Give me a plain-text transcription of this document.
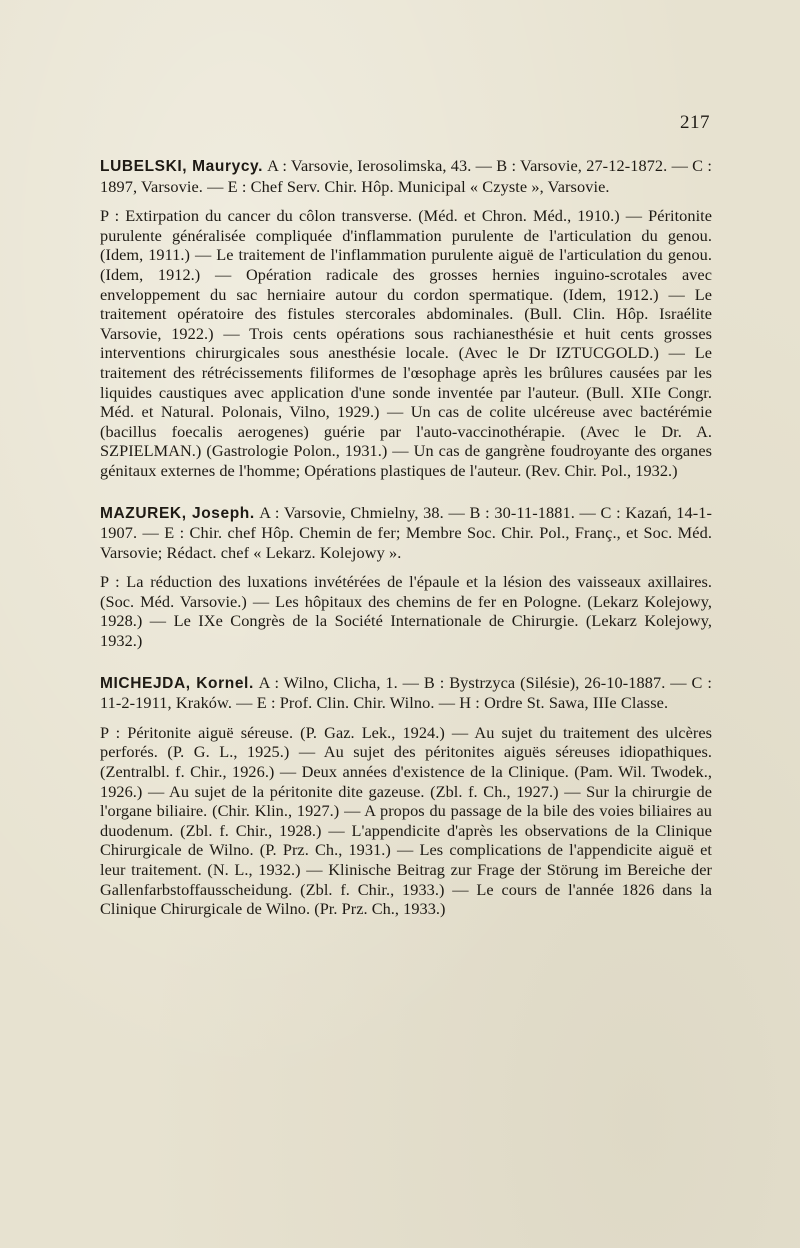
217

LUBELSKI, Maurycy. A : Varsovie, Ierosolimska, 43. — B : Varsovie, 27-12-1872. — C : 1897, Varsovie. — E : Chef Serv. Chir. Hôp. Municipal « Czyste », Varsovie.

P : Extirpation du cancer du côlon transverse. (Méd. et Chron. Méd., 1910.) — Péritonite purulente généralisée compliquée d'inflammation purulente de l'articulation du genou. (Idem, 1911.) — Le traitement de l'inflammation purulente aiguë de l'articulation du genou. (Idem, 1912.) — Opération radicale des grosses hernies inguino-scrotales avec enveloppement du sac herniaire autour du cordon spermatique. (Idem, 1912.) — Le traitement opératoire des fistules stercorales abdominales. (Bull. Clin. Hôp. Israélite Varsovie, 1922.) — Trois cents opérations sous rachianesthésie et huit cents grosses interventions chirurgicales sous anesthésie locale. (Avec le Dr IZTUCGOLD.) — Le traitement des rétrécissements filiformes de l'œsophage après les brûlures causées par les liquides caustiques avec application d'une sonde inventée par l'auteur. (Bull. XIIe Congr. Méd. et Natural. Polonais, Vilno, 1929.) — Un cas de colite ulcéreuse avec bactérémie (bacillus foecalis aerogenes) guérie par l'auto-vaccinothérapie. (Avec le Dr. A. SZPIELMAN.) (Gastrologie Polon., 1931.) — Un cas de gangrène foudroyante des organes génitaux externes de l'homme; Opérations plastiques de l'auteur. (Rev. Chir. Pol., 1932.)

MAZUREK, Joseph. A : Varsovie, Chmielny, 38. — B : 30-11-1881. — C : Kazań, 14-1-1907. — E : Chir. chef Hôp. Chemin de fer; Membre Soc. Chir. Pol., Franç., et Soc. Méd. Varsovie; Rédact. chef « Lekarz. Kolejowy ».

P : La réduction des luxations invétérées de l'épaule et la lésion des vaisseaux axillaires. (Soc. Méd. Varsovie.) — Les hôpitaux des chemins de fer en Pologne. (Lekarz Kolejowy, 1928.) — Le IXe Congrès de la Société Internationale de Chirurgie. (Lekarz Kolejowy, 1932.)

MICHEJDA, Kornel. A : Wilno, Clicha, 1. — B : Bystrzyca (Silésie), 26-10-1887. — C : 11-2-1911, Kraków. — E : Prof. Clin. Chir. Wilno. — H : Ordre St. Sawa, IIIe Classe.

P : Péritonite aiguë séreuse. (P. Gaz. Lek., 1924.) — Au sujet du traitement des ulcères perforés. (P. G. L., 1925.) — Au sujet des péritonites aiguës séreuses idiopathiques. (Zentralbl. f. Chir., 1926.) — Deux années d'existence de la Clinique. (Pam. Wil. Twodek., 1926.) — Au sujet de la péritonite dite gazeuse. (Zbl. f. Ch., 1927.) — Sur la chirurgie de l'organe biliaire. (Chir. Klin., 1927.) — A propos du passage de la bile des voies biliaires au duodenum. (Zbl. f. Chir., 1928.) — L'appendicite d'après les observations de la Clinique Chirurgicale de Wilno. (P. Prz. Ch., 1931.) — Les complications de l'appendicite aiguë et leur traitement. (N. L., 1932.) — Klinische Beitrag zur Frage der Störung im Bereiche der Gallenfarbstoffausscheidung. (Zbl. f. Chir., 1933.) — Le cours de l'année 1826 dans la Clinique Chirurgicale de Wilno. (Pr. Prz. Ch., 1933.)
